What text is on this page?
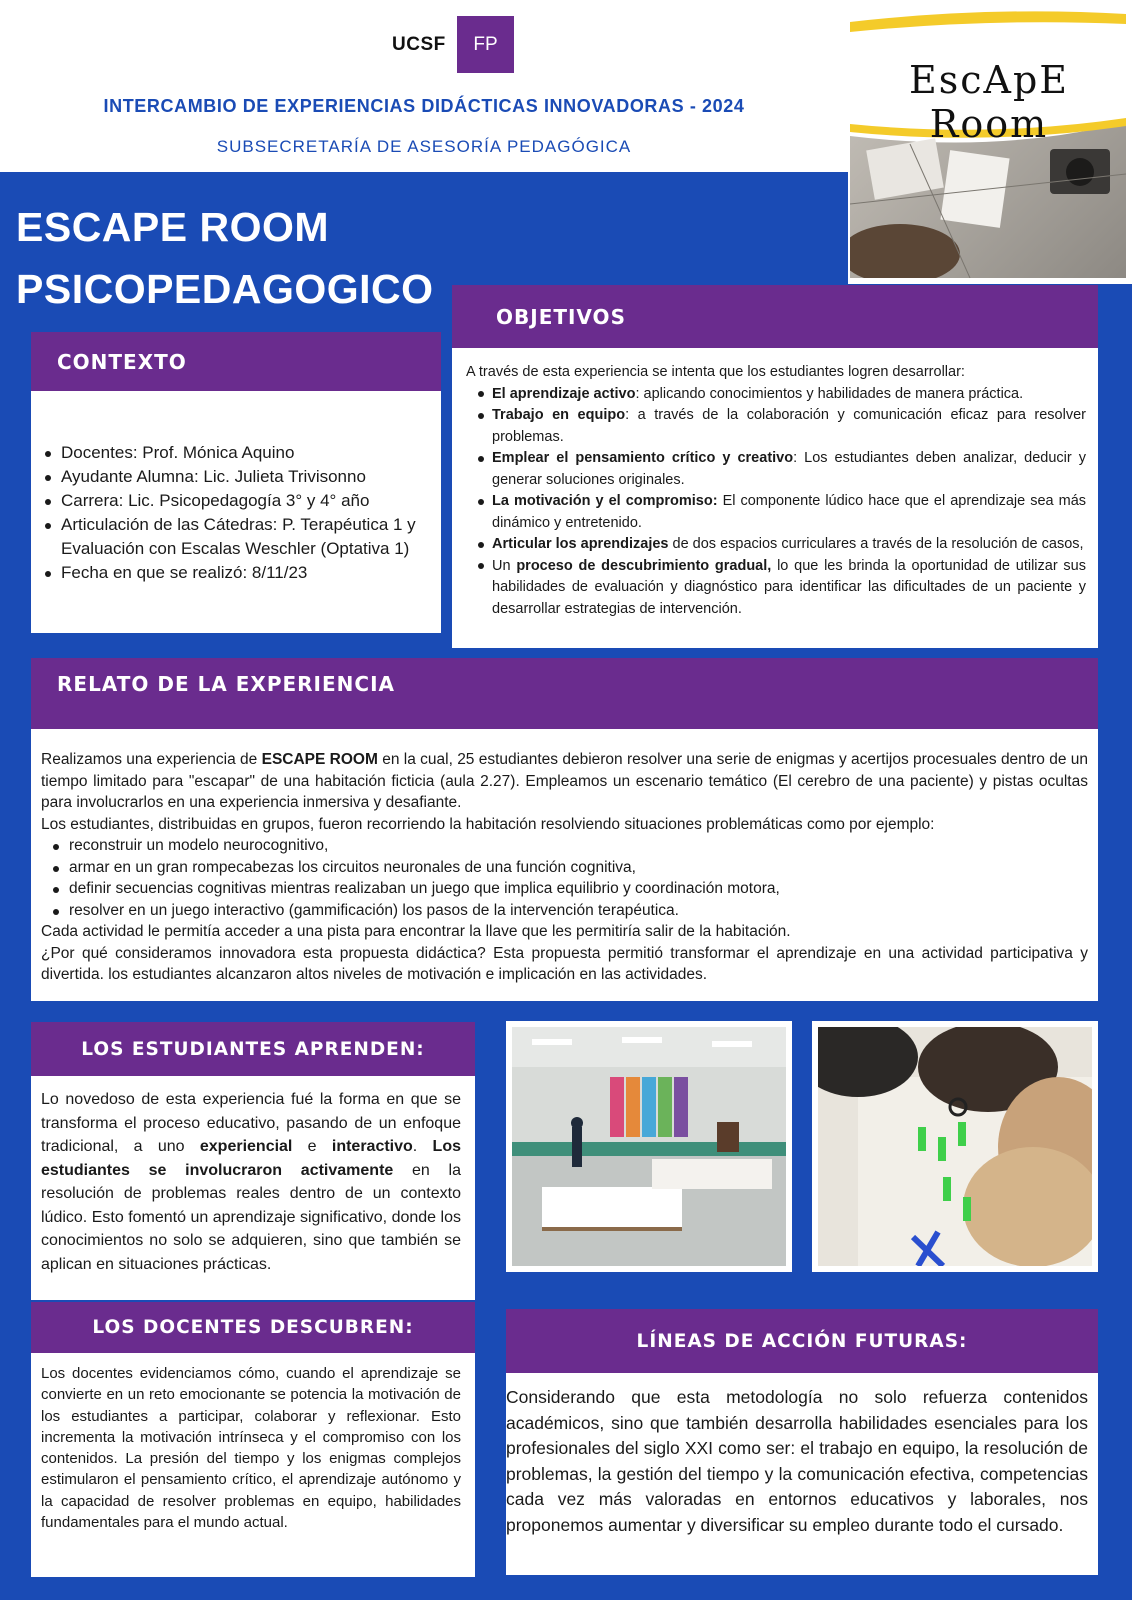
UCSF	FP
INTERCAMBIO DE EXPERIENCIAS DIDÁCTICAS INNOVADORAS - 2024
SUBSECRETARÍA DE ASESORÍA PEDAGÓGICA
EscApE Room
ESCAPE ROOM
PSICOPEDAGOGICO
OBJETIVOS
A través de esta experiencia se intenta que los estudiantes logren desarrollar:
El aprendizaje activo: aplicando conocimientos y habilidades de manera práctica.
Trabajo en equipo: a través de la colaboración y comunicación eficaz para resolver problemas.
Emplear el pensamiento crítico y creativo: Los estudiantes deben analizar, deducir y generar soluciones originales.
La motivación y el compromiso: El componente lúdico hace que el aprendizaje sea más dinámico y entretenido.
Articular los aprendizajes de dos espacios curriculares a través de la resolución de casos,
Un proceso de descubrimiento gradual, lo que les brinda la oportunidad de utilizar sus habilidades de evaluación y diagnóstico para identificar las dificultades de un paciente y desarrollar estrategias de intervención.
CONTEXTO
Docentes: Prof. Mónica Aquino
Ayudante Alumna: Lic. Julieta Trivisonno
Carrera: Lic. Psicopedagogía 3° y 4° año
Articulación de las Cátedras: P. Terapéutica 1 y Evaluación con Escalas Weschler (Optativa 1)
Fecha en que se realizó: 8/11/23
RELATO DE LA EXPERIENCIA
Realizamos una experiencia de ESCAPE ROOM en la cual, 25 estudiantes debieron resolver una serie de enigmas y acertijos procesuales dentro de un tiempo limitado para "escapar" de una habitación ficticia (aula 2.27). Empleamos un escenario temático (El cerebro de una paciente) y pistas ocultas para involucrarlos en una experiencia inmersiva y desafiante.
Los estudiantes, distribuidas en grupos, fueron recorriendo la habitación resolviendo situaciones problemáticas como por ejemplo:
reconstruir un modelo neurocognitivo,
armar en un gran rompecabezas los circuitos neuronales de una función cognitiva,
definir secuencias cognitivas mientras realizaban un juego que implica equilibrio y coordinación motora,
resolver en un juego interactivo (gammificación) los pasos de la intervención terapéutica.
Cada actividad le permitía acceder a una pista para encontrar la llave que les permitiría salir de la habitación.
¿Por qué consideramos innovadora esta propuesta didáctica? Esta propuesta permitió transformar el aprendizaje en una actividad participativa y divertida. los estudiantes alcanzaron altos niveles de motivación e implicación en las actividades.
LOS ESTUDIANTES APRENDEN:
Lo novedoso de esta experiencia fué la forma en que se transforma el proceso educativo, pasando de un enfoque tradicional, a uno experiencial e interactivo. Los estudiantes se involucraron activamente en la resolución de problemas reales dentro de un contexto lúdico. Esto fomentó un aprendizaje significativo, donde los conocimientos no solo se adquieren, sino que también se aplican en situaciones prácticas.
LOS DOCENTES DESCUBREN:
Los docentes evidenciamos cómo, cuando el aprendizaje se convierte en un reto emocionante se potencia la motivación de los estudiantes a participar, colaborar y reflexionar. Esto incrementa la motivación intrínseca y el compromiso con los contenidos. La presión del tiempo y los enigmas complejos estimularon el pensamiento crítico, el aprendizaje autónomo y la capacidad de resolver problemas en equipo, habilidades fundamentales para el mundo actual.
LÍNEAS DE ACCIÓN FUTURAS:
Considerando que esta metodología no solo refuerza contenidos académicos, sino que también desarrolla habilidades esenciales para los profesionales del siglo XXI como ser: el trabajo en equipo, la resolución de problemas, la gestión del tiempo y la comunicación efectiva, competencias cada vez más valoradas en entornos educativos y laborales, nos proponemos aumentar y diversificar su empleo durante todo el cursado.
